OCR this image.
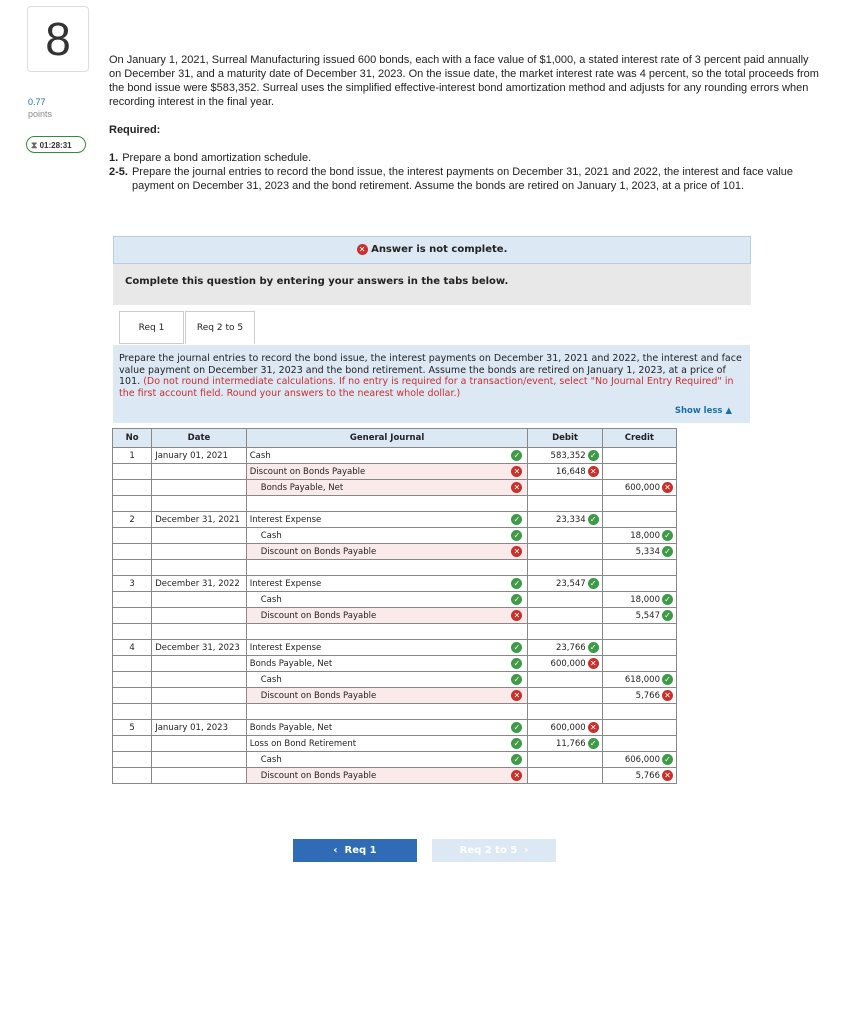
8
0.77
points
⧗ 01:28:31
On January 1, 2021, Surreal Manufacturing issued 600 bonds, each with a face value of $1,000, a stated interest rate of 3 percent paid annually on December 31, and a maturity date of December 31, 2023. On the issue date, the market interest rate was 4 percent, so the total proceeds from the bond issue were $583,352. Surreal uses the simplified effective-interest bond amortization method and adjusts for any rounding errors when recording interest in the final year.
Required:
1. Prepare a bond amortization schedule.
2-5. Prepare the journal entries to record the bond issue, the interest payments on December 31, 2021 and 2022, the interest and face value payment on December 31, 2023 and the bond retirement. Assume the bonds are retired on January 1, 2023, at a price of 101.
✕ Answer is not complete.
Complete this question by entering your answers in the tabs below.
Req 1	Req 2 to 5
Prepare the journal entries to record the bond issue, the interest payments on December 31, 2021 and 2022, the interest and face value payment on December 31, 2023 and the bond retirement. Assume the bonds are retired on January 1, 2023, at a price of 101. (Do not round intermediate calculations. If no entry is required for a transaction/event, select "No Journal Entry Required" in the first account field. Round your answers to the nearest whole dollar.)
Show less ▲
No	Date	General Journal	Debit	Credit
1	January 01, 2021	Cash ✓	583,352 ✓	
		Discount on Bonds Payable ✕	16,648 ✕	
		Bonds Payable, Net ✕		600,000 ✕

2	December 31, 2021	Interest Expense ✓	23,334 ✓	
		Cash ✓		18,000 ✓
		Discount on Bonds Payable ✕		5,334 ✓

3	December 31, 2022	Interest Expense ✓	23,547 ✓	
		Cash ✓		18,000 ✓
		Discount on Bonds Payable ✕		5,547 ✓

4	December 31, 2023	Interest Expense ✓	23,766 ✓	
		Bonds Payable, Net ✓	600,000 ✕	
		Cash ✓		618,000 ✓
		Discount on Bonds Payable ✕		5,766 ✕

5	January 01, 2023	Bonds Payable, Net ✓	600,000 ✕	
		Loss on Bond Retirement ✓	11,766 ✓	
		Cash ✓		606,000 ✓
		Discount on Bonds Payable ✕		5,766 ✕
‹ Req 1	Req 2 to 5 ›
